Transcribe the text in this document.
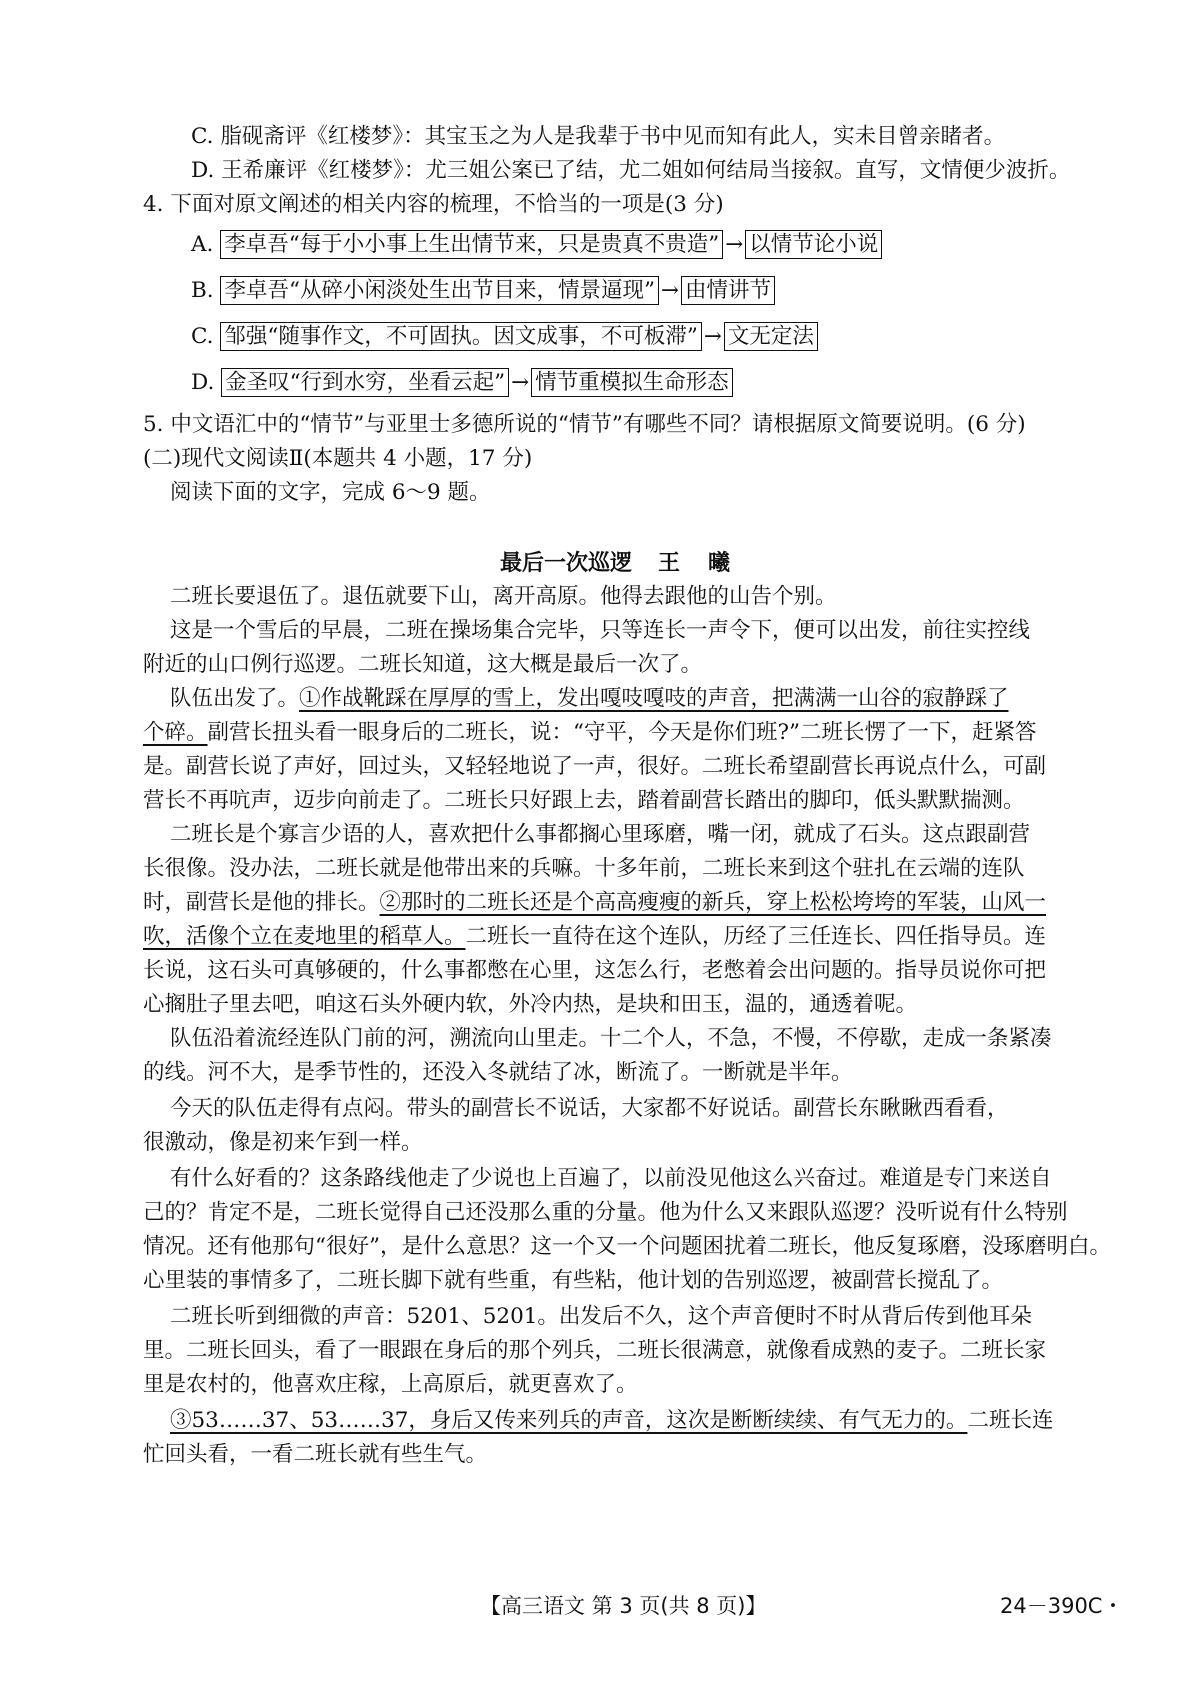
C. 脂砚斋评《红楼梦》：其宝玉之为人是我辈于书中见而知有此人，实未目曾亲睹者。
D. 王希廉评《红楼梦》：尤三姐公案已了结，尤二姐如何结局当接叙。直写，文情便少波折。
4. 下面对原文阐述的相关内容的梳理，不恰当的一项是(3 分)
A. 李卓吾“每于小小事上生出情节来，只是贵真不贵造” → 以情节论小说
B. 李卓吾“从碎小闲淡处生出节目来，情景逼现” → 由情讲节
C. 邹强“随事作文，不可固执。因文成事，不可板滞” → 文无定法
D. 金圣叹“行到水穷，坐看云起” → 情节重模拟生命形态
5. 中文语汇中的“情节”与亚里士多德所说的“情节”有哪些不同？请根据原文简要说明。(6 分)
(二)现代文阅读Ⅱ(本题共 4 小题，17 分)
阅读下面的文字，完成 6～9 题。
最后一次巡逻 王曦
二班长要退伍了。退伍就要下山，离开高原。他得去跟他的山告个别。
这是一个雪后的早晨，二班在操场集合完毕，只等连长一声令下，便可以出发，前往实控线
附近的山口例行巡逻。二班长知道，这大概是最后一次了。
队伍出发了。①作战靴踩在厚厚的雪上，发出嘎吱嘎吱的声音，把满满一山谷的寂静踩了
个碎。副营长扭头看一眼身后的二班长，说：“守平，今天是你们班?”二班长愣了一下，赶紧答
是。副营长说了声好，回过头，又轻轻地说了一声，很好。二班长希望副营长再说点什么，可副
营长不再吭声，迈步向前走了。二班长只好跟上去，踏着副营长踏出的脚印，低头默默揣测。
二班长是个寡言少语的人，喜欢把什么事都搁心里琢磨，嘴一闭，就成了石头。这点跟副营
长很像。没办法，二班长就是他带出来的兵嘛。十多年前，二班长来到这个驻扎在云端的连队
时，副营长是他的排长。②那时的二班长还是个高高瘦瘦的新兵，穿上松松垮垮的军装，山风一
吹，活像个立在麦地里的稻草人。二班长一直待在这个连队，历经了三任连长、四任指导员。连
长说，这石头可真够硬的，什么事都憋在心里，这怎么行，老憋着会出问题的。指导员说你可把
心搁肚子里去吧，咱这石头外硬内软，外冷内热，是块和田玉，温的，通透着呢。
队伍沿着流经连队门前的河，溯流向山里走。十二个人，不急，不慢，不停歇，走成一条紧凑
的线。河不大，是季节性的，还没入冬就结了冰，断流了。一断就是半年。
今天的队伍走得有点闷。带头的副营长不说话，大家都不好说话。副营长东瞅瞅西看看，
很激动，像是初来乍到一样。
有什么好看的？这条路线他走了少说也上百遍了，以前没见他这么兴奋过。难道是专门来送自
己的？肯定不是，二班长觉得自己还没那么重的分量。他为什么又来跟队巡逻？没听说有什么特别
情况。还有他那句“很好”，是什么意思？这一个又一个问题困扰着二班长，他反复琢磨，没琢磨明白。
心里装的事情多了，二班长脚下就有些重，有些粘，他计划的告别巡逻，被副营长搅乱了。
二班长听到细微的声音：5201、5201。出发后不久，这个声音便时不时从背后传到他耳朵
里。二班长回头，看了一眼跟在身后的那个列兵，二班长很满意，就像看成熟的麦子。二班长家
里是农村的，他喜欢庄稼，上高原后，就更喜欢了。
③53……37、53……37，身后又传来列兵的声音，这次是断断续续、有气无力的。二班长连
忙回头看，一看二班长就有些生气。
【高三语文 第 3 页(共 8 页)】	24－390C・
